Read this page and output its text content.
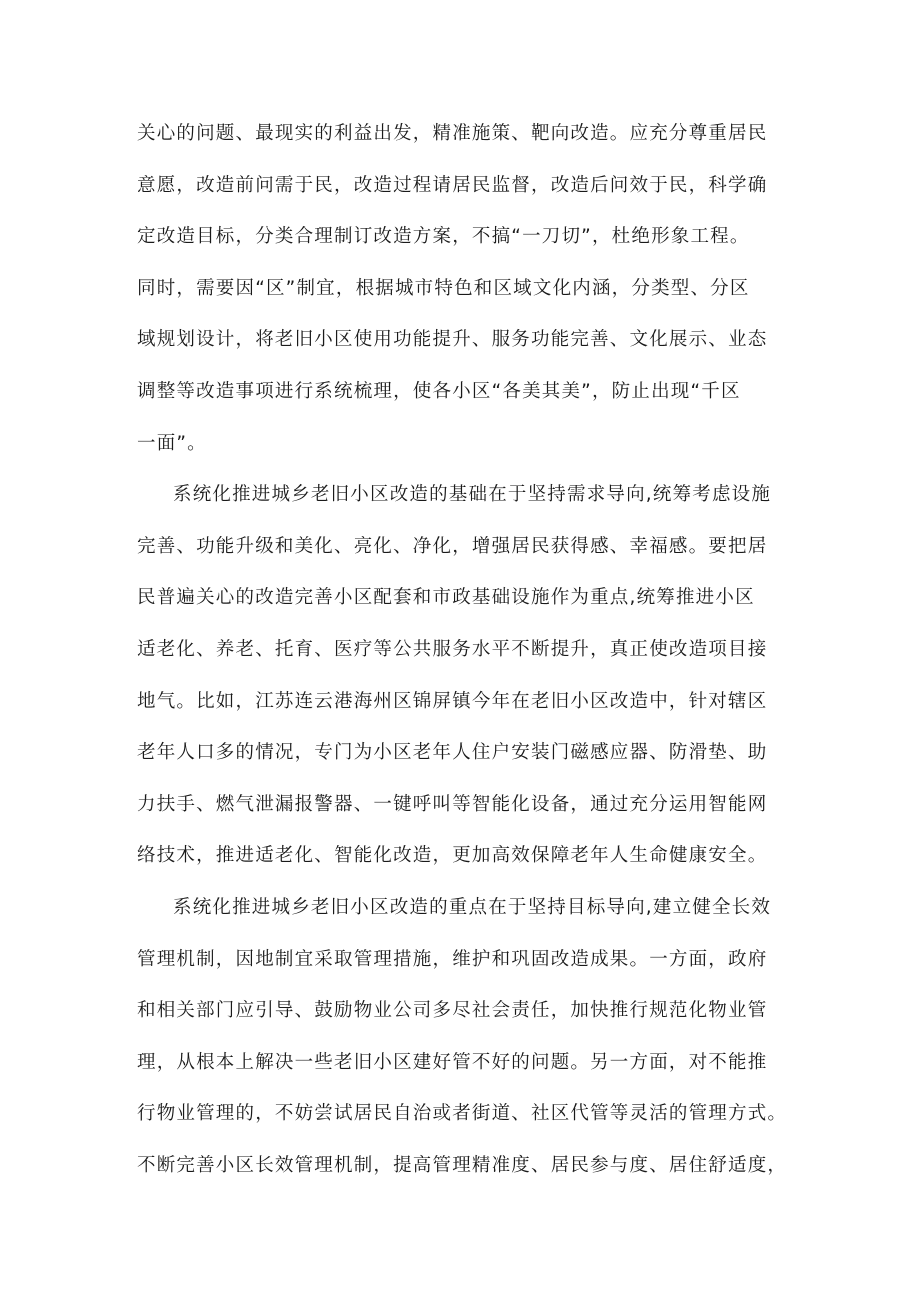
关心的问题、最现实的利益出发，精准施策、靶向改造。应充分尊重居民
意愿，改造前问需于民，改造过程请居民监督，改造后问效于民，科学确
定改造目标，分类合理制订改造方案，不搞“一刀切”，杜绝形象工程。
同时，需要因“区”制宜，根据城市特色和区域文化内涵，分类型、分区
域规划设计，将老旧小区使用功能提升、服务功能完善、文化展示、业态
调整等改造事项进行系统梳理，使各小区“各美其美”，防止出现“千区
一面”。
系统化推进城乡老旧小区改造的基础在于坚持需求导向,统筹考虑设施
完善、功能升级和美化、亮化、净化，增强居民获得感、幸福感。要把居
民普遍关心的改造完善小区配套和市政基础设施作为重点,统筹推进小区
适老化、养老、托育、医疗等公共服务水平不断提升，真正使改造项目接
地气。比如，江苏连云港海州区锦屏镇今年在老旧小区改造中，针对辖区
老年人口多的情况，专门为小区老年人住户安装门磁感应器、防滑垫、助
力扶手、燃气泄漏报警器、一键呼叫等智能化设备，通过充分运用智能网
络技术，推进适老化、智能化改造，更加高效保障老年人生命健康安全。
系统化推进城乡老旧小区改造的重点在于坚持目标导向,建立健全长效
管理机制，因地制宜采取管理措施，维护和巩固改造成果。一方面，政府
和相关部门应引导、鼓励物业公司多尽社会责任，加快推行规范化物业管
理，从根本上解决一些老旧小区建好管不好的问题。另一方面，对不能推
行物业管理的，不妨尝试居民自治或者街道、社区代管等灵活的管理方式。
不断完善小区长效管理机制，提高管理精准度、居民参与度、居住舒适度，
